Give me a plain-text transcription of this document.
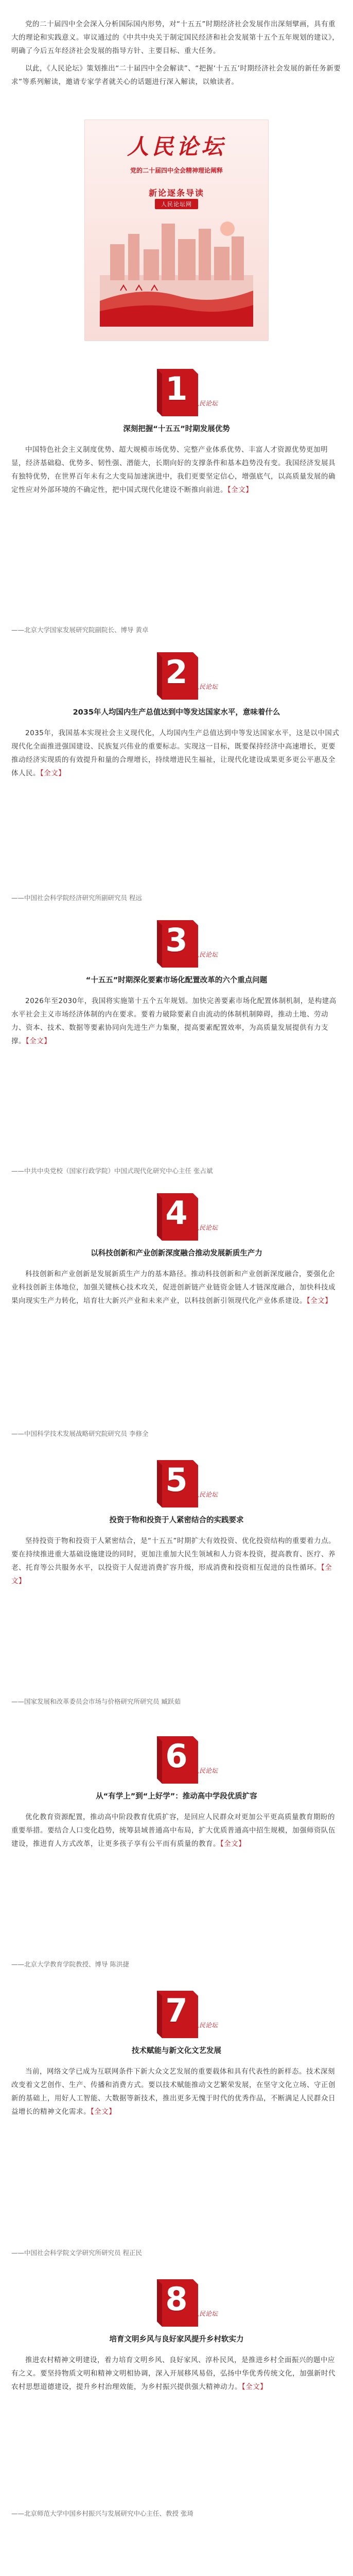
党的二十届四中全会深入分析国际国内形势，对“十五五”时期经济社会发展作出深刻擘画，具有重大的理论和实践意义。审议通过的《中共中央关于制定国民经济和社会发展第十五个五年规划的建议》，明确了今后五年经济社会发展的指导方针、主要目标、重大任务。

以此，《人民论坛》策划推出“二十届四中全会解读”、“把握‘十五五’时期经济社会发展的新任务新要求”等系列解读，邀请专家学者就关心的话题进行深入解读，以飨读者。

人民论坛
党的二十届四中全会精神理论阐释
新论逐条导读
人民论坛网
1 人民论坛
深刻把握“十五五”时期发展优势

中国特色社会主义制度优势、超大规模市场优势、完整产业体系优势、丰富人才资源优势更加明显，经济基础稳、优势多、韧性强、潜能大，长期向好的支撑条件和基本趋势没有变。我国经济发展具有独特优势，在世界百年未有之大变局加速演进中，我们更要坚定信心，增强底气，以高质量发展的确定性应对外部环境的不确定性，把中国式现代化建设不断推向前进。【全文】

——北京大学国家发展研究院副院长、博导 黄卓
2 人民论坛
2035年人均国内生产总值达到中等发达国家水平，意味着什么

2035年，我国基本实现社会主义现代化，人均国内生产总值达到中等发达国家水平，这是以中国式现代化全面推进强国建设、民族复兴伟业的重要标志。实现这一目标，既要保持经济中高速增长，更要推动经济实现质的有效提升和量的合理增长，持续增进民生福祉，让现代化建设成果更多更公平惠及全体人民。【全文】

——中国社会科学院经济研究所副研究员 程远
3 人民论坛
“十五五”时期深化要素市场化配置改革的六个重点问题

2026年至2030年，我国将实施第十五个五年规划。加快完善要素市场化配置体制机制，是构建高水平社会主义市场经济体制的内在要求。要着力破除要素自由流动的体制机制障碍，推动土地、劳动力、资本、技术、数据等要素协同向先进生产力集聚，提高要素配置效率，为高质量发展提供有力支撑。【全文】

——中共中央党校（国家行政学院）中国式现代化研究中心主任 张占斌
4 人民论坛
以科技创新和产业创新深度融合推动发展新质生产力

科技创新和产业创新是发展新质生产力的基本路径。推动科技创新和产业创新深度融合，要强化企业科技创新主体地位，加强关键核心技术攻关，促进创新链产业链资金链人才链深度融合，加快科技成果向现实生产力转化，培育壮大新兴产业和未来产业，以科技创新引领现代化产业体系建设。【全文】

——中国科学技术发展战略研究院研究员 李修全
5 人民论坛
投资于物和投资于人紧密结合的实践要求

坚持投资于物和投资于人紧密结合，是“十五五”时期扩大有效投资、优化投资结构的重要着力点。要在持续推进重大基础设施建设的同时，更加注重加大民生领域和人力资本投资，提高教育、医疗、养老、托育等公共服务水平，以投资于人促进消费扩容升级，形成消费和投资相互促进的良性循环。【全文】

——国家发展和改革委员会市场与价格研究所研究员 臧跃茹
6 人民论坛
从“有学上”到“上好学”：推动高中学段优质扩容

优化教育资源配置，推动高中阶段教育优质扩容，是回应人民群众对更加公平更高质量教育期盼的重要举措。要结合人口变化趋势，统筹县域普通高中布局，扩大优质普通高中招生规模，加强师资队伍建设，推进育人方式改革，让更多孩子享有公平而有质量的教育。【全文】

——北京大学教育学院教授、博导 陈洪捷
7 人民论坛
技术赋能与新文化文艺发展

当前，网络文学已成为互联网条件下新大众文艺发展的重要载体和具有代表性的新样态。技术深刻改变着文艺创作、生产、传播和消费方式。要以技术赋能推动文艺繁荣发展，在坚守文化立场、守正创新的基础上，用好人工智能、大数据等新技术，推出更多无愧于时代的优秀作品，不断满足人民群众日益增长的精神文化需求。【全文】

——中国社会科学院文学研究所研究员 程正民
8 人民论坛
培育文明乡风与良好家风提升乡村软实力

推进农村精神文明建设，着力培育文明乡风、良好家风、淳朴民风，是推进乡村全面振兴的题中应有之义。要坚持物质文明和精神文明相协调，深入开展移风易俗，弘扬中华优秀传统文化，加强新时代农村思想道德建设，提升乡村治理效能，为乡村振兴提供强大精神动力。【全文】

——北京师范大学中国乡村振兴与发展研究中心主任、教授 张琦
